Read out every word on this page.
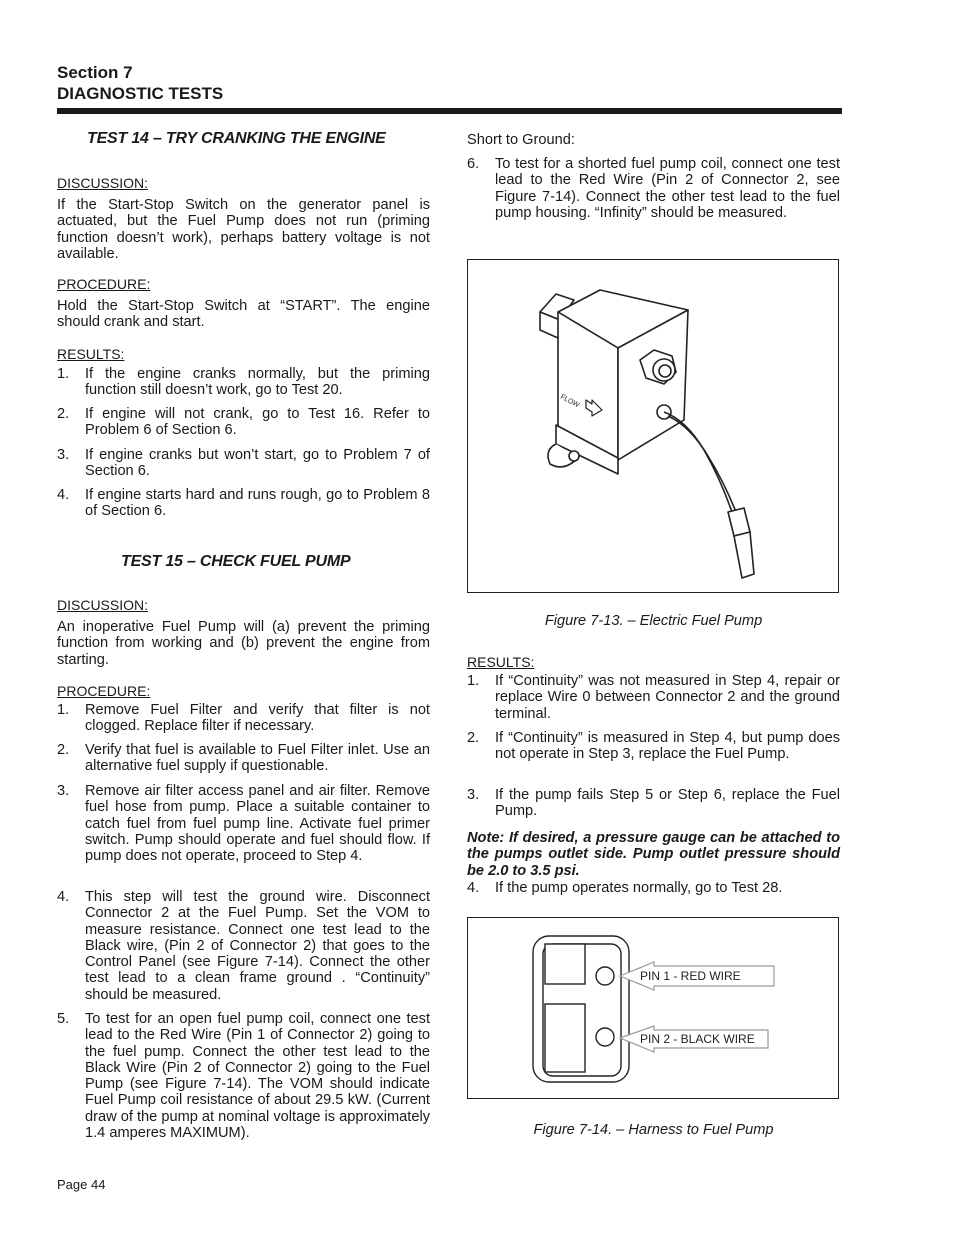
Section 7
DIAGNOSTIC TESTS
TEST 14 – TRY CRANKING THE ENGINE
DISCUSSION:
If the Start-Stop Switch on the generator panel is actuated, but the Fuel Pump does not run (priming function doesn’t work), perhaps battery voltage is not available.
PROCEDURE:
Hold the Start-Stop Switch at “START”. The engine should crank and start.
RESULTS:
1. If the engine cranks normally, but the priming function still doesn’t work, go to Test 20.
2. If engine will not crank, go to Test 16. Refer to Problem 6 of Section 6.
3. If engine cranks but won’t start, go to Problem 7 of Section 6.
4. If engine starts hard and runs rough, go to Problem 8 of Section 6.
TEST 15 – CHECK FUEL PUMP
DISCUSSION:
An inoperative Fuel Pump will (a) prevent the priming function from working and (b) prevent the engine from starting.
PROCEDURE:
1. Remove Fuel Filter and verify that filter is not clogged. Replace filter if necessary.
2. Verify that fuel is available to Fuel Filter inlet. Use an alternative fuel supply if questionable.
3. Remove air filter access panel and air filter. Remove fuel hose from pump. Place a suitable container to catch fuel from fuel pump line. Activate fuel primer switch. Pump should operate and fuel should flow. If pump does not operate, proceed to Step 4.
4. This step will test the ground wire. Disconnect Connector 2 at the Fuel Pump. Set the VOM to measure resistance. Connect one test lead to the Black wire, (Pin 2 of Connector 2) that goes to the Control Panel (see Figure 7-14). Connect the other test lead to a clean frame ground . “Continuity” should be measured.
5. To test for an open fuel pump coil, connect one test lead to the Red Wire (Pin 1 of Connector 2) going to the fuel pump. Connect the other test lead to the Black Wire (Pin 2 of Connector 2) going to the Fuel Pump (see Figure 7-14). The VOM should indicate Fuel Pump coil resistance of about 29.5 kW. (Current draw of the pump at nominal voltage is approximately 1.4 amperes MAXIMUM).
Short to Ground:
6. To test for a shorted fuel pump coil, connect one test lead to the Red Wire (Pin 2 of Connector 2, see Figure 7-14). Connect the other test lead to the fuel pump housing. “Infinity” should be measured.
FLOW
Figure 7-13. – Electric Fuel Pump
RESULTS:
1. If “Continuity” was not measured in Step 4, repair or replace Wire 0 between Connector 2 and the ground terminal.
2. If “Continuity” is measured in Step 4, but pump does not operate in Step 3, replace the Fuel Pump.
3. If the pump fails Step 5 or Step 6, replace the Fuel Pump.
Note: If desired, a pressure gauge can be attached to the pumps outlet side. Pump outlet pressure should be 2.0 to 3.5 psi.
4. If the pump operates normally, go to Test 28.
PIN 1 - RED WIRE
PIN 2 - BLACK WIRE
Figure 7-14. – Harness to Fuel Pump
Page 44
